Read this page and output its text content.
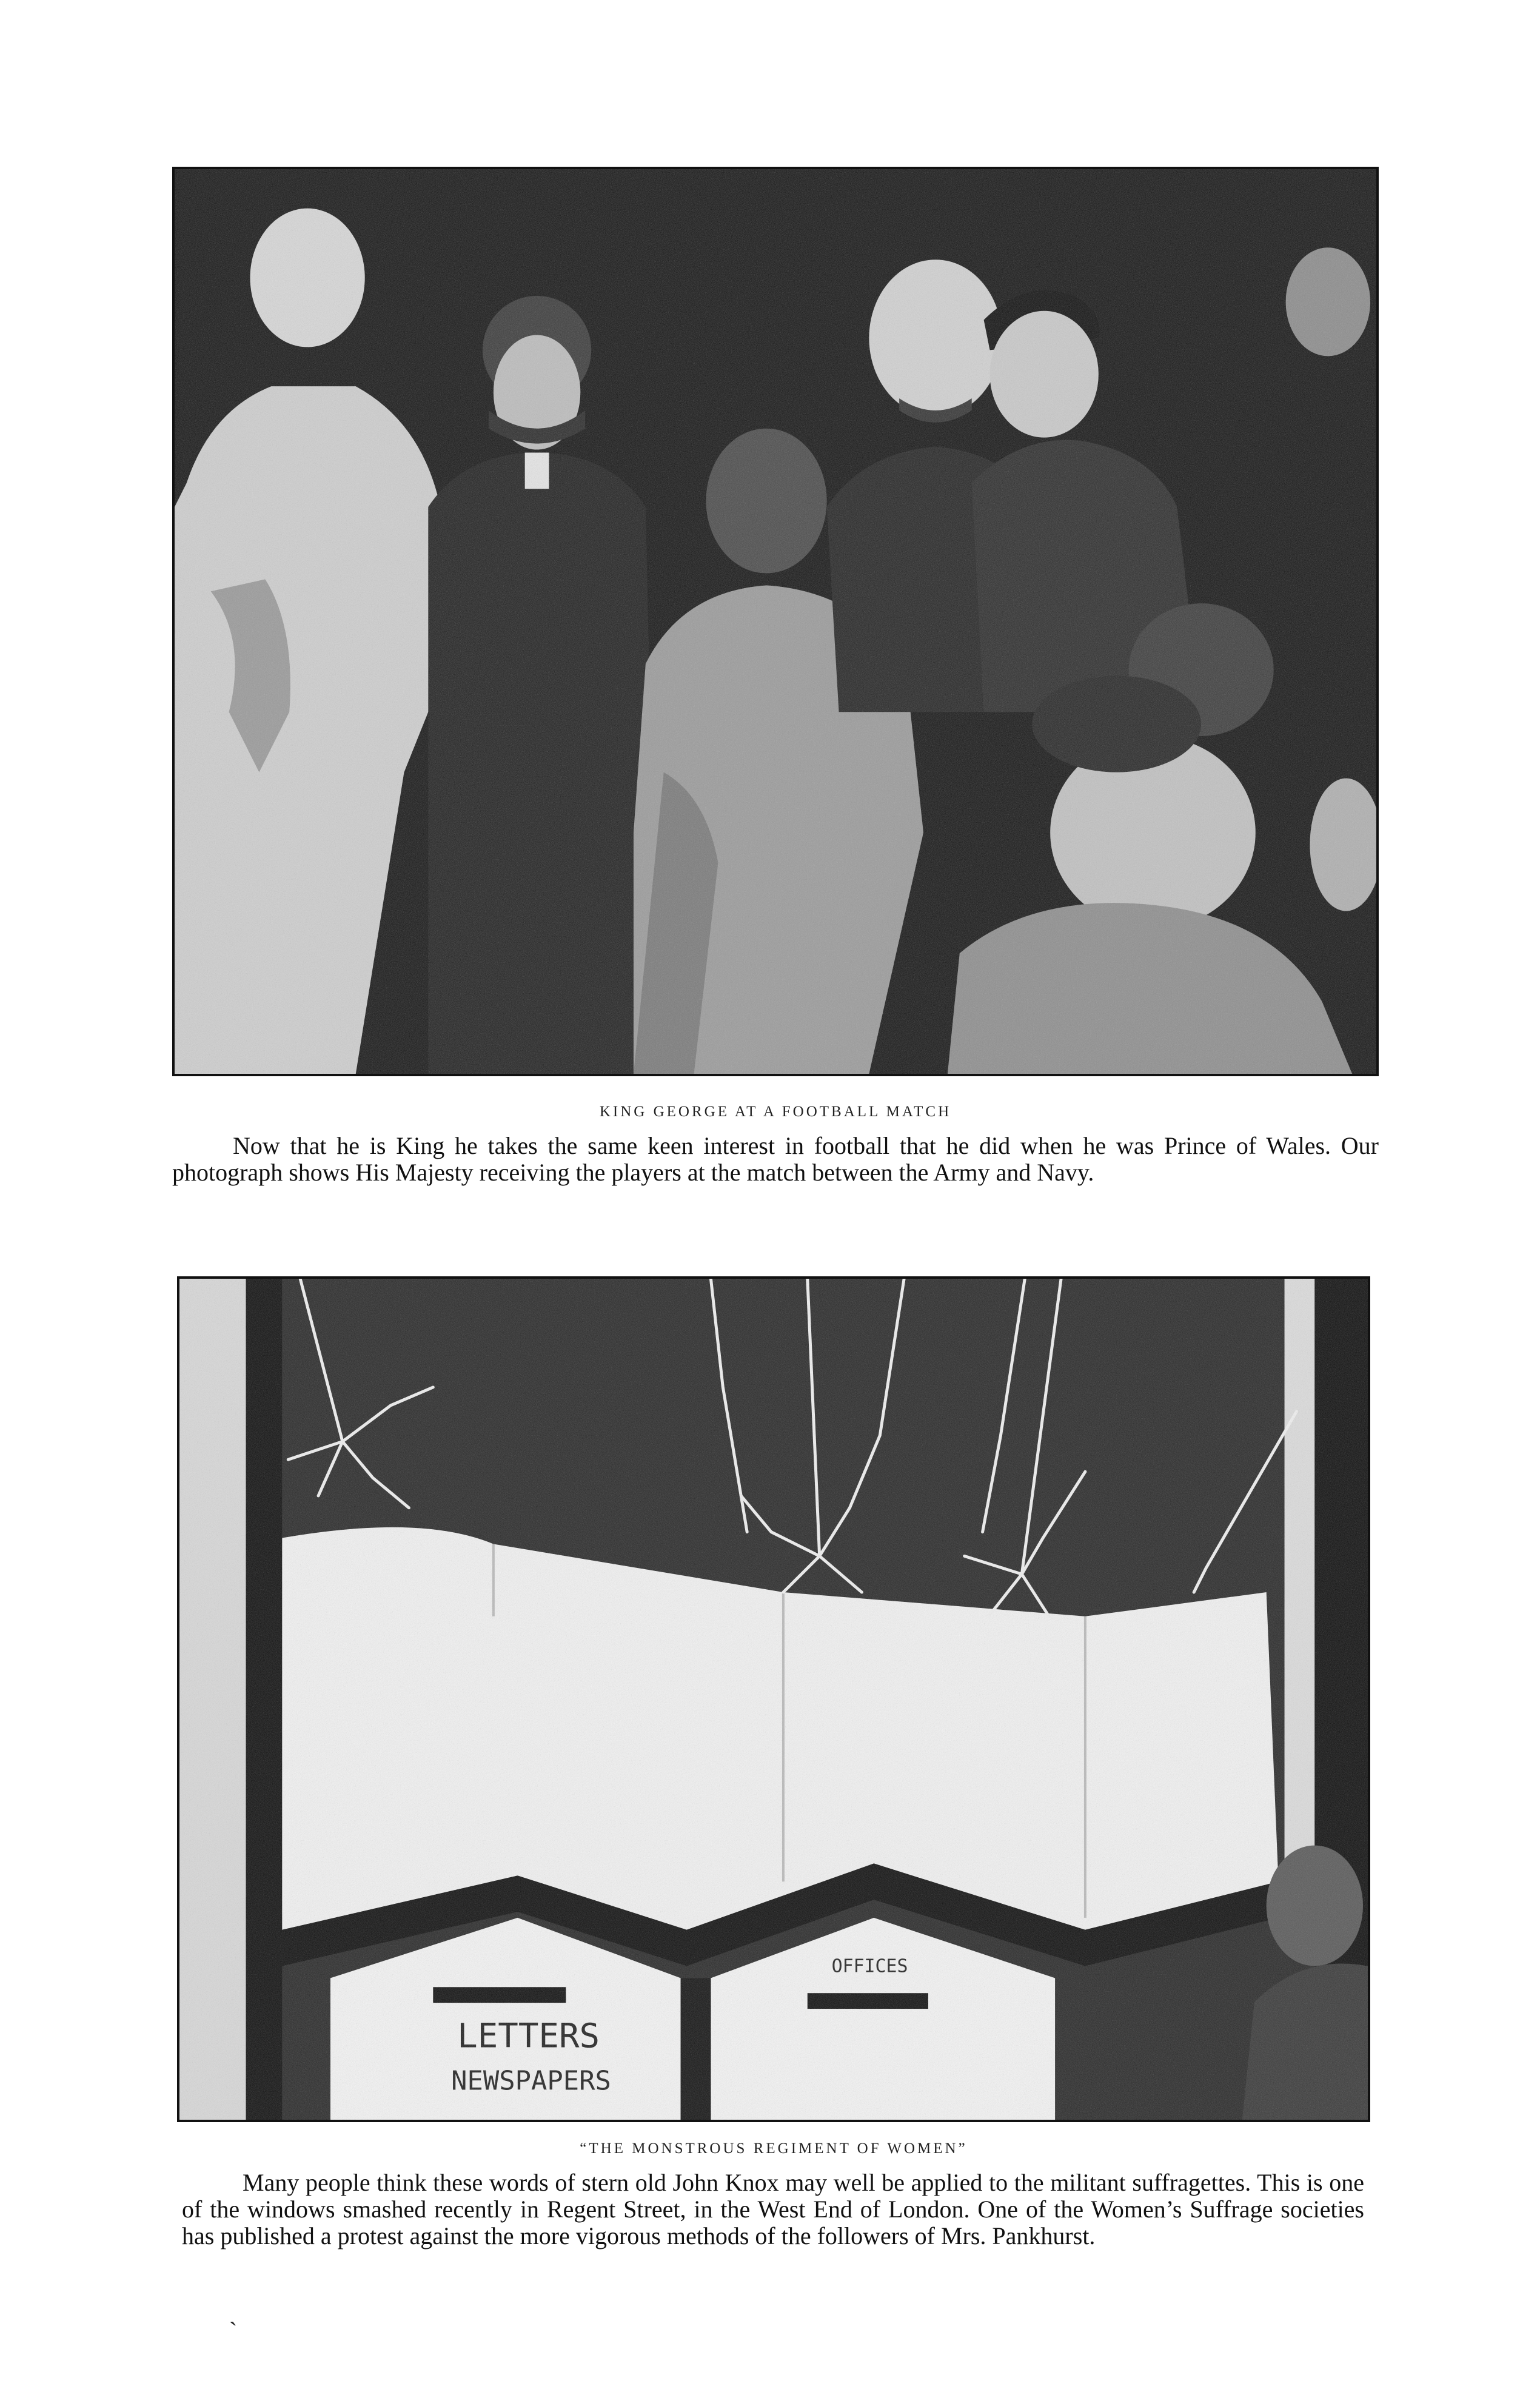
KING GEORGE AT A FOOTBALL MATCH
Now that he is King he takes the same keen interest in football that he did when he was Prince of Wales. Our photograph shows His Majesty receiving the players at the match between the Army and Navy.
“THE MONSTROUS REGIMENT OF WOMEN”
Many people think these words of stern old John Knox may well be applied to the militant suffragettes. This is one of the windows smashed recently in Regent Street, in the West End of London. One of the Women’s Suffrage societies has published a protest against the more vigorous methods of the followers of Mrs. Pankhurst.
ˎ
